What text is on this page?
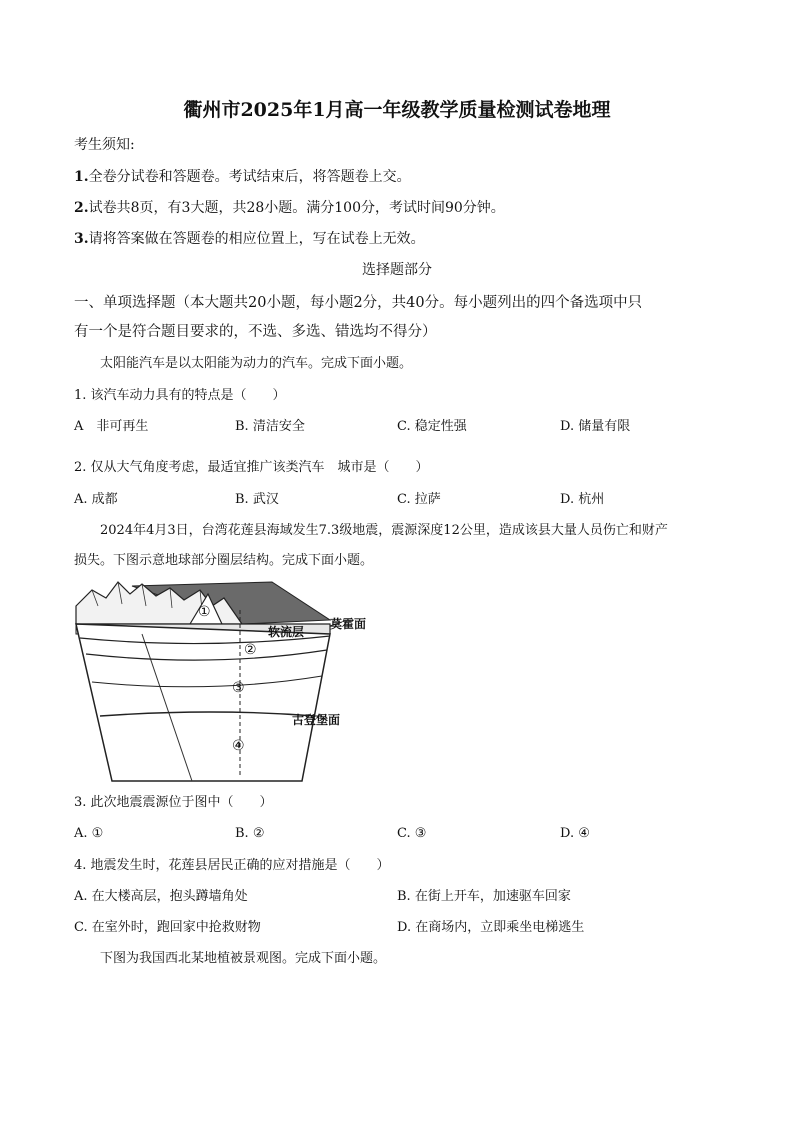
衢州市2025年1月高一年级教学质量检测试卷地理
考生须知:
1.全卷分试卷和答题卷。考试结束后，将答题卷上交。
2.试卷共8页，有3大题，共28小题。满分100分，考试时间90分钟。
3.请将答案做在答题卷的相应位置上，写在试卷上无效。
选择题部分
一、单项选择题（本大题共20小题，每小题2分，共40分。每小题列出的四个备选项中只
有一个是符合题目要求的，不选、多选、错选均不得分）
太阳能汽车是以太阳能为动力的汽车。完成下面小题。
1. 该汽车动力具有的特点是（　　）
A　非可再生	B. 清洁安全	C. 稳定性强	D. 储量有限
2. 仅从大气角度考虑，最适宜推广该类汽车　城市是（　　）
A. 成都	B. 武汉	C. 拉萨	D. 杭州
2024年4月3日，台湾花莲县海域发生7.3级地震，震源深度12公里，造成该县大量人员伤亡和财产
损失。下图示意地球部分圈层结构。完成下面小题。
①
②
③
④
莫霍面
软流层
古登堡面
3. 此次地震震源位于图中（　　）
A. ①	B. ②	C. ③	D. ④
4. 地震发生时，花莲县居民正确的应对措施是（　　）
A. 在大楼高层，抱头蹲墙角处	B. 在街上开车，加速驱车回家
C. 在室外时，跑回家中抢救财物	D. 在商场内，立即乘坐电梯逃生
下图为我国西北某地植被景观图。完成下面小题。
